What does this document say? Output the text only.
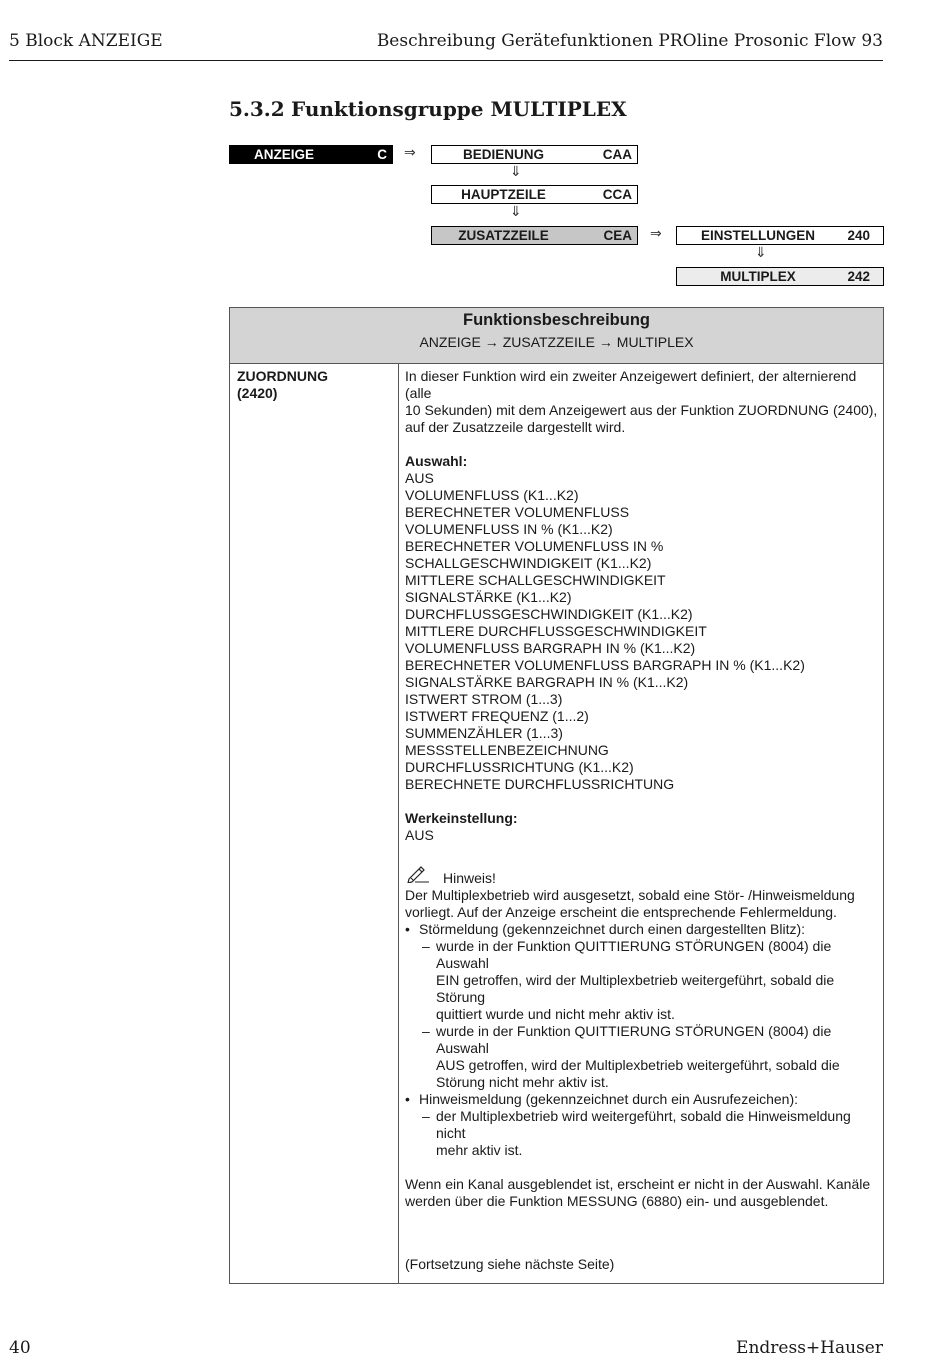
5 Block ANZEIGE	Beschreibung Gerätefunktionen PROline Prosonic Flow 93
5.3.2 Funktionsgruppe MULTIPLEX
ANZEIGE	C ⇒	BEDIENUNG	CAA
⇓
HAUPTZEILE	CCA
⇓
ZUSATZZEILE	CEA ⇒	EINSTELLUNGEN	240
⇓
MULTIPLEX	242
Funktionsbeschreibung
ANZEIGE → ZUSATZZEILE → MULTIPLEX
ZUORDNUNG
(2420)
In dieser Funktion wird ein zweiter Anzeigewert definiert, der alternierend (alle
10 Sekunden) mit dem Anzeigewert aus der Funktion ZUORDNUNG (2400),
auf der Zusatzzeile dargestellt wird.
Auswahl:
AUS
VOLUMENFLUSS (K1...K2)
BERECHNETER VOLUMENFLUSS
VOLUMENFLUSS IN % (K1...K2)
BERECHNETER VOLUMENFLUSS IN %
SCHALLGESCHWINDIGKEIT (K1...K2)
MITTLERE SCHALLGESCHWINDIGKEIT
SIGNALSTÄRKE (K1...K2)
DURCHFLUSSGESCHWINDIGKEIT (K1...K2)
MITTLERE DURCHFLUSSGESCHWINDIGKEIT
VOLUMENFLUSS BARGRAPH IN % (K1...K2)
BERECHNETER VOLUMENFLUSS BARGRAPH IN % (K1...K2)
SIGNALSTÄRKE BARGRAPH IN % (K1...K2)
ISTWERT STROM (1...3)
ISTWERT FREQUENZ (1...2)
SUMMENZÄHLER (1...3)
MESSSTELLENBEZEICHNUNG
DURCHFLUSSRICHTUNG (K1...K2)
BERECHNETE DURCHFLUSSRICHTUNG
Werkeinstellung:
AUS
Hinweis!
Der Multiplexbetrieb wird ausgesetzt, sobald eine Stör- /Hinweismeldung
vorliegt. Auf der Anzeige erscheint die entsprechende Fehlermeldung.
• Störmeldung (gekennzeichnet durch einen dargestellten Blitz):
– wurde in der Funktion QUITTIERUNG STÖRUNGEN (8004) die Auswahl
EIN getroffen, wird der Multiplexbetrieb weitergeführt, sobald die Störung
quittiert wurde und nicht mehr aktiv ist.
– wurde in der Funktion QUITTIERUNG STÖRUNGEN (8004) die Auswahl
AUS getroffen, wird der Multiplexbetrieb weitergeführt, sobald die
Störung nicht mehr aktiv ist.
• Hinweismeldung (gekennzeichnet durch ein Ausrufezeichen):
– der Multiplexbetrieb wird weitergeführt, sobald die Hinweismeldung nicht
mehr aktiv ist.
Wenn ein Kanal ausgeblendet ist, erscheint er nicht in der Auswahl. Kanäle
werden über die Funktion MESSUNG (6880) ein- und ausgeblendet.
(Fortsetzung siehe nächste Seite)
40	Endress+Hauser
